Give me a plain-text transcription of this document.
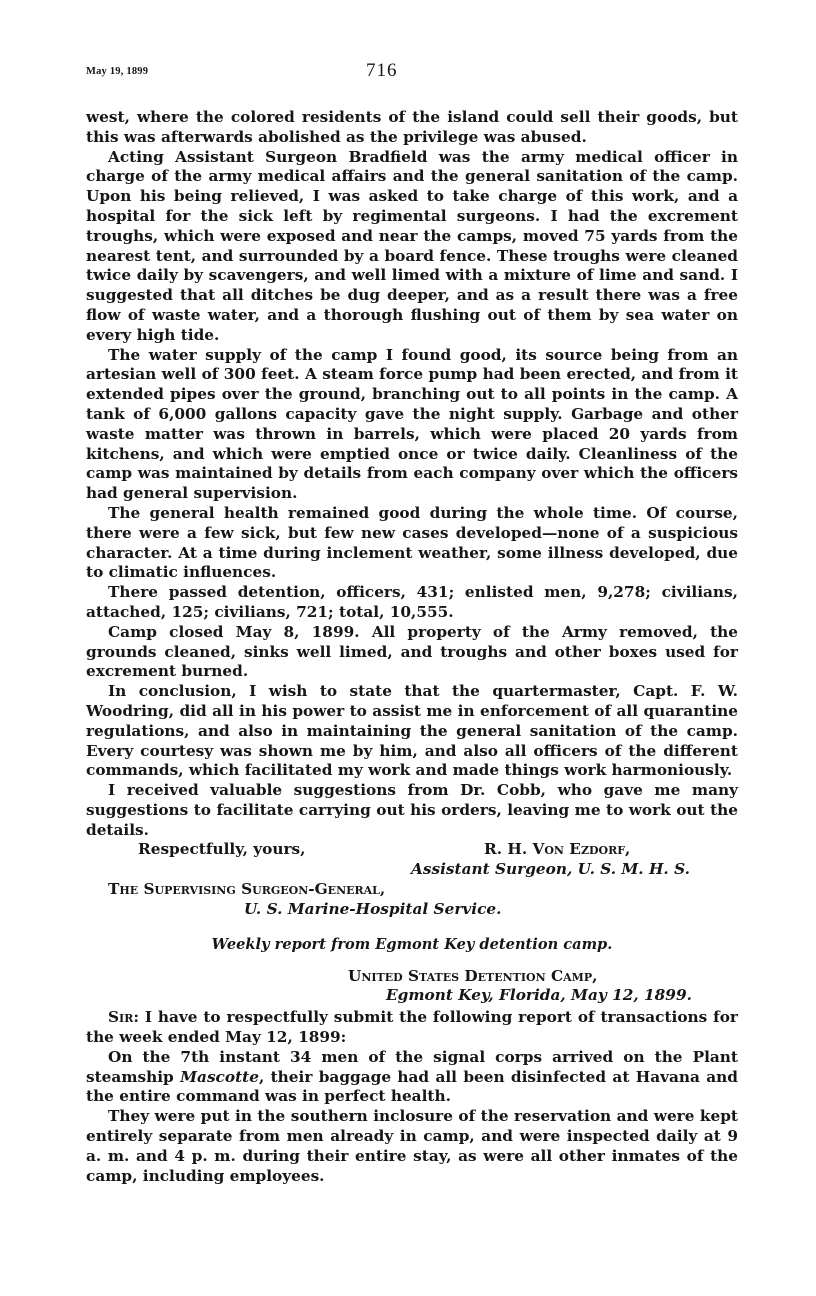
May 19, 1899	716

west, where the colored residents of the island could sell their goods, but this was afterwards abolished as the privilege was abused.

Acting Assistant Surgeon Bradfield was the army medical officer in charge of the army medical affairs and the general sanitation of the camp. Upon his being relieved, I was asked to take charge of this work, and a hospital for the sick left by regimental surgeons. I had the excrement troughs, which were exposed and near the camps, moved 75 yards from the nearest tent, and surrounded by a board fence. These troughs were cleaned twice daily by scavengers, and well limed with a mixture of lime and sand. I suggested that all ditches be dug deeper, and as a result there was a free flow of waste water, and a thorough flushing out of them by sea water on every high tide.

The water supply of the camp I found good, its source being from an artesian well of 300 feet. A steam force pump had been erected, and from it extended pipes over the ground, branching out to all points in the camp. A tank of 6,000 gallons capacity gave the night supply. Garbage and other waste matter was thrown in barrels, which were placed 20 yards from kitchens, and which were emptied once or twice daily. Cleanliness of the camp was maintained by details from each company over which the officers had general supervision.

The general health remained good during the whole time. Of course, there were a few sick, but few new cases developed—none of a suspicious character. At a time during inclement weather, some illness developed, due to climatic influences.

There passed detention, officers, 431; enlisted men, 9,278; civilians, attached, 125; civilians, 721; total, 10,555.

Camp closed May 8, 1899. All property of the Army removed, the grounds cleaned, sinks well limed, and troughs and other boxes used for excrement burned.

In conclusion, I wish to state that the quartermaster, Capt. F. W. Woodring, did all in his power to assist me in enforcement of all quarantine regulations, and also in maintaining the general sanitation of the camp. Every courtesy was shown me by him, and also all officers of the different commands, which facilitated my work and made things work harmoniously.

I received valuable suggestions from Dr. Cobb, who gave me many suggestions to facilitate carrying out his orders, leaving me to work out the details.

Respectfully, yours,	R. H. Von Ezdorf,

Assistant Surgeon, U. S. M. H. S.

The Supervising Surgeon-General,

U. S. Marine-Hospital Service.

Weekly report from Egmont Key detention camp.

United States Detention Camp,

Egmont Key, Florida, May 12, 1899.

Sir: I have to respectfully submit the following report of transactions for the week ended May 12, 1899:

On the 7th instant 34 men of the signal corps arrived on the Plant steamship Mascotte, their baggage had all been disinfected at Havana and the entire command was in perfect health.

They were put in the southern inclosure of the reservation and were kept entirely separate from men already in camp, and were inspected daily at 9 a. m. and 4 p. m. during their entire stay, as were all other inmates of the camp, including employees.
